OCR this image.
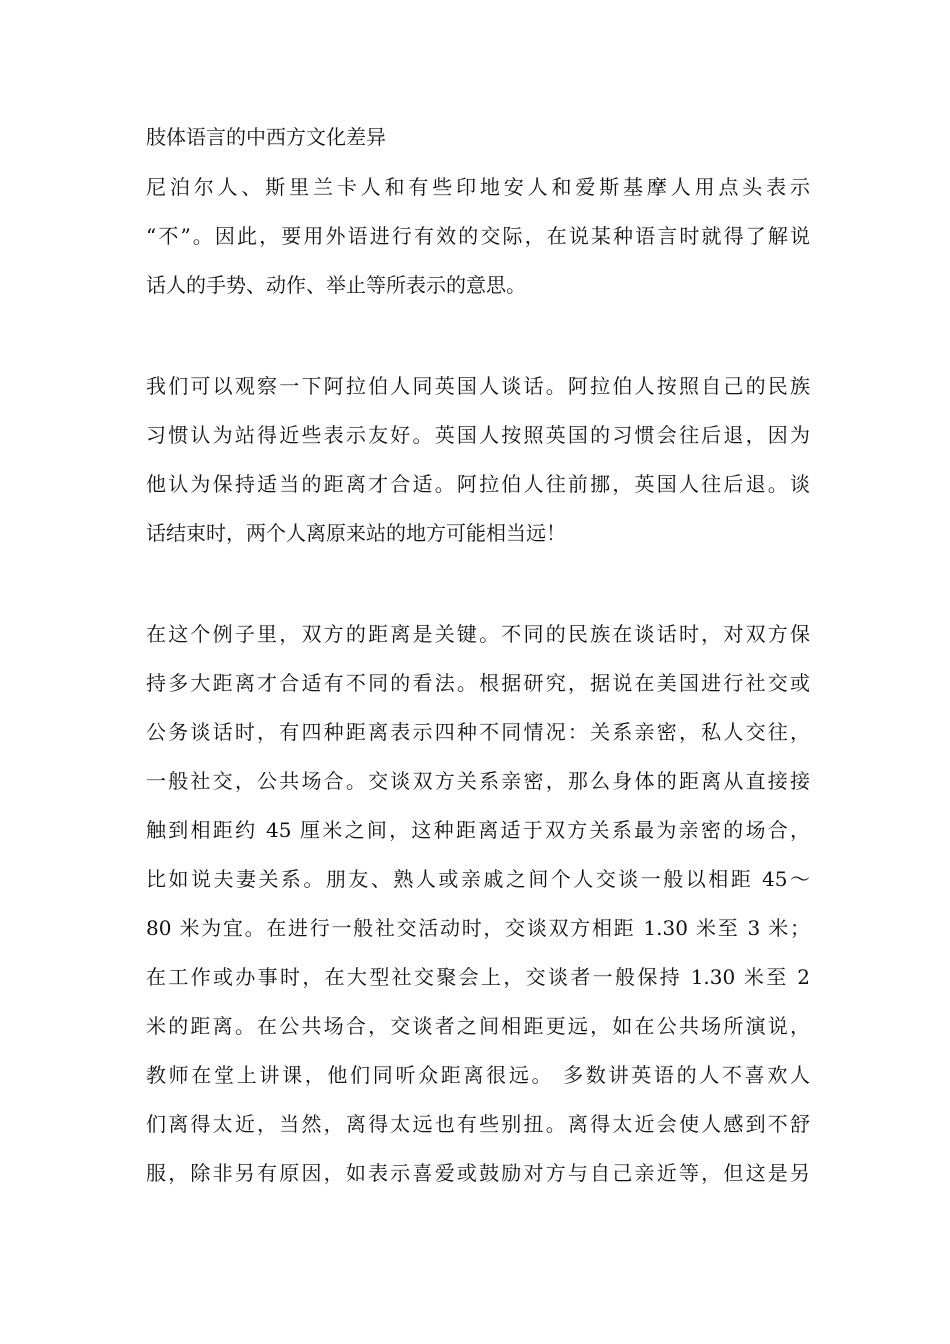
肢体语言的中西方文化差异
尼泊尔人、斯里兰卡人和有些印地安人和爱斯基摩人用点头表示
“不”。因此，要用外语进行有效的交际，在说某种语言时就得了解说
话人的手势、动作、举止等所表示的意思。
我们可以观察一下阿拉伯人同英国人谈话。阿拉伯人按照自己的民族
习惯认为站得近些表示友好。英国人按照英国的习惯会往后退，因为
他认为保持适当的距离才合适。阿拉伯人往前挪，英国人往后退。谈
话结束时，两个人离原来站的地方可能相当远！
在这个例子里，双方的距离是关键。不同的民族在谈话时，对双方保
持多大距离才合适有不同的看法。根据研究，据说在美国进行社交或
公务谈话时，有四种距离表示四种不同情况：关系亲密，私人交往，
一般社交，公共场合。交谈双方关系亲密，那么身体的距离从直接接
触到相距约 45 厘米之间，这种距离适于双方关系最为亲密的场合，
比如说夫妻关系。朋友、熟人或亲戚之间个人交谈一般以相距 45～
80 米为宜。在进行一般社交活动时，交谈双方相距 1.30 米至 3 米；
在工作或办事时，在大型社交聚会上，交谈者一般保持 1.30 米至 2
米的距离。在公共场合，交谈者之间相距更远，如在公共场所演说，
教师在堂上讲课，他们同听众距离很远。 多数讲英语的人不喜欢人
们离得太近，当然，离得太远也有些别扭。离得太近会使人感到不舒
服，除非另有原因，如表示喜爱或鼓励对方与自己亲近等，但这是另
